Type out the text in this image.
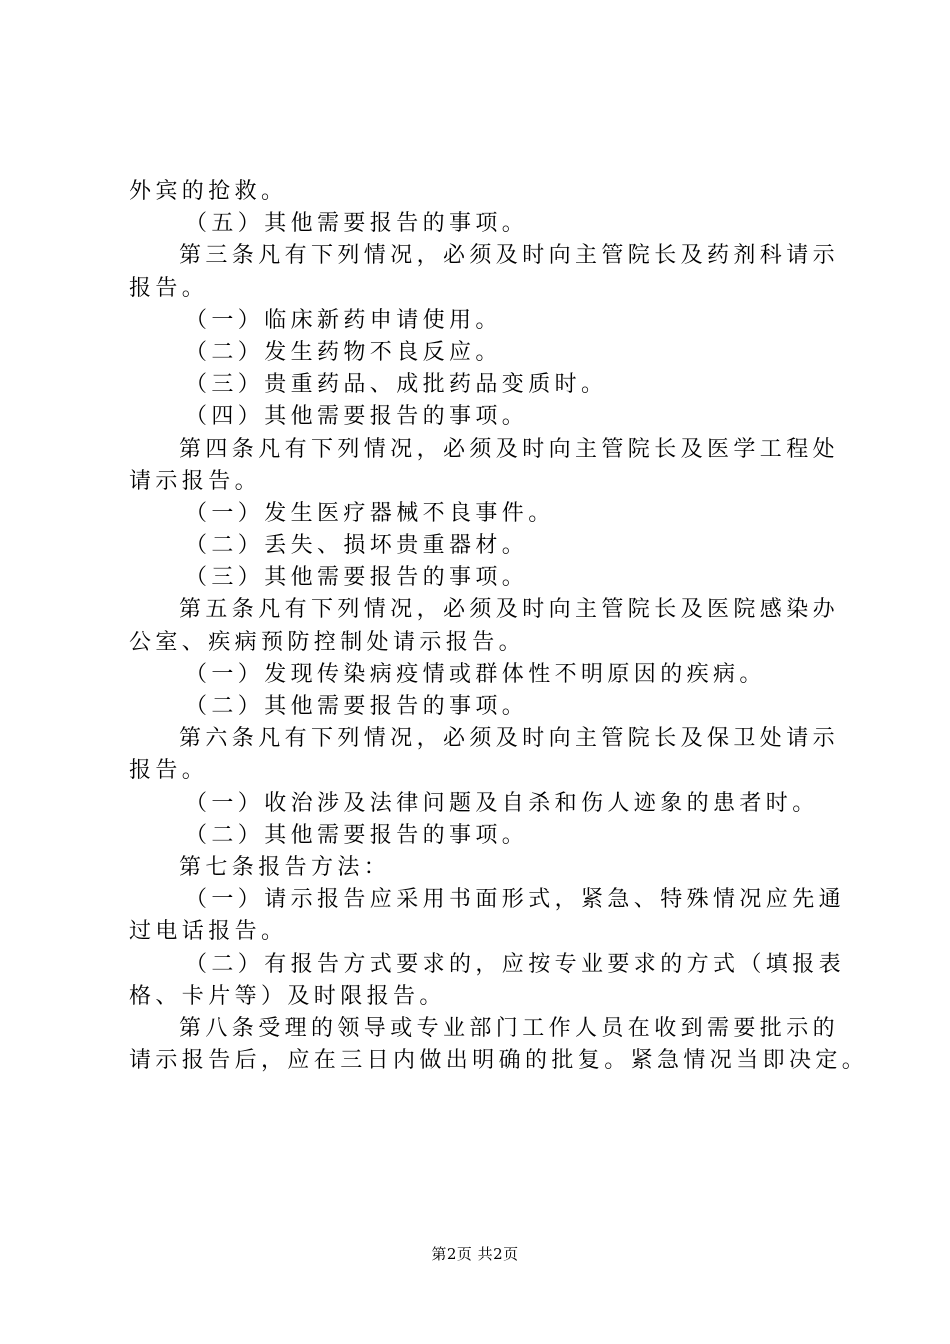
外宾的抢救。
（五）其他需要报告的事项。
第三条凡有下列情况，必须及时向主管院长及药剂科请示
报告。
（一）临床新药申请使用。
（二）发生药物不良反应。
（三）贵重药品、成批药品变质时。
（四）其他需要报告的事项。
第四条凡有下列情况，必须及时向主管院长及医学工程处
请示报告。
（一）发生医疗器械不良事件。
（二）丢失、损坏贵重器材。
（三）其他需要报告的事项。
第五条凡有下列情况，必须及时向主管院长及医院感染办
公室、疾病预防控制处请示报告。
（一）发现传染病疫情或群体性不明原因的疾病。
（二）其他需要报告的事项。
第六条凡有下列情况，必须及时向主管院长及保卫处请示
报告。
（一）收治涉及法律问题及自杀和伤人迹象的患者时。
（二）其他需要报告的事项。
第七条报告方法：
（一）请示报告应采用书面形式，紧急、特殊情况应先通
过电话报告。
（二）有报告方式要求的，应按专业要求的方式（填报表
格、卡片等）及时限报告。
第八条受理的领导或专业部门工作人员在收到需要批示的
请示报告后，应在三日内做出明确的批复。紧急情况当即决定。
第2页 共2页
